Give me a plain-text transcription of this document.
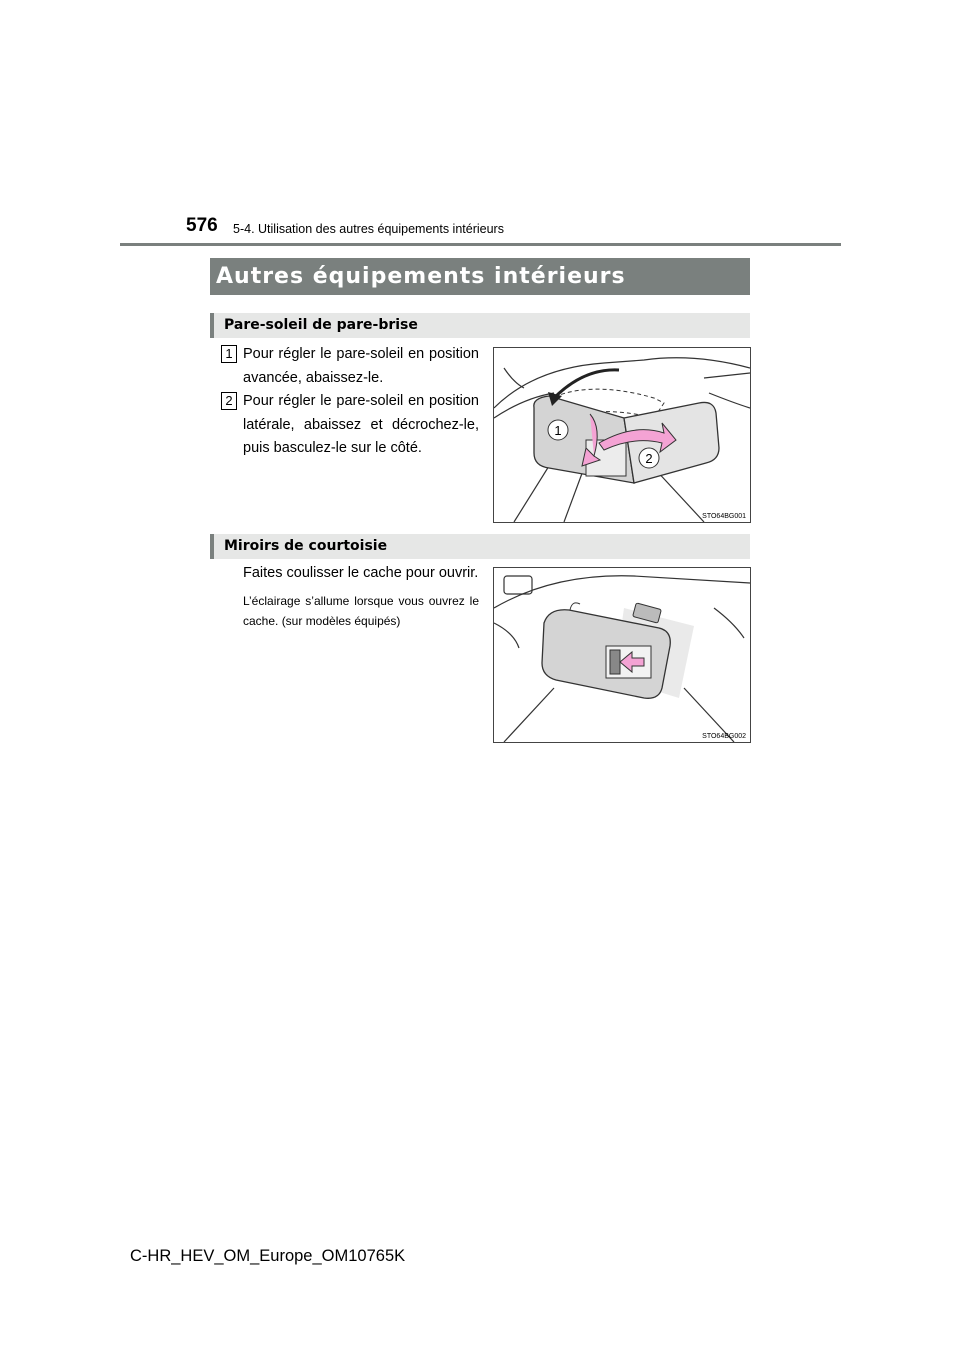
576 5-4. Utilisation des autres équipements intérieurs
Autres équipements intérieurs
Pare-soleil de pare-brise
1 Pour régler le pare-soleil en position avancée, abaissez-le.
2 Pour régler le pare-soleil en position latérale, abaissez et décrochez-le, puis basculez-le sur le côté.
1
2
STO64BG001
Miroirs de courtoisie
Faites coulisser le cache pour ouvrir.
L’éclairage s’allume lorsque vous ouvrez le cache. (sur modèles équipés)
STO64BG002
C-HR_HEV_OM_Europe_OM10765K
